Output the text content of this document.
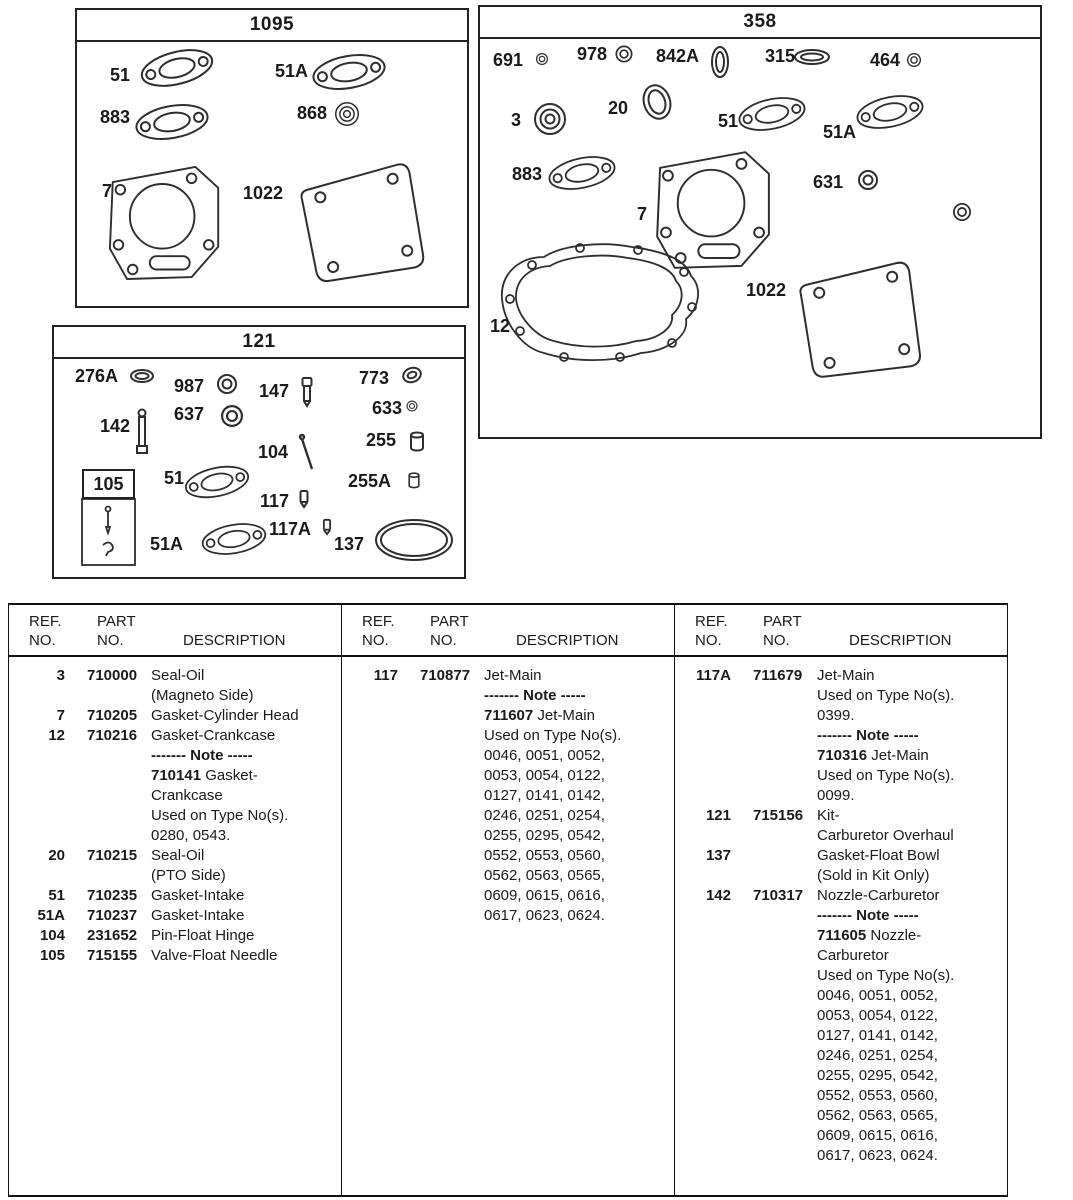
1095
51	51A
883	868
7	1022
358
691	978	842A	315	464
3
20
51
51A
883	631
7
12
1022
121
276A	987	147
773
142
637	633
104
255
105	51	255A
117
117A
51A	137
REF.
NO.
PART
NO.
	DESCRIPTION
3	710000 Seal-Oil
(Magneto Side)
7	710205 Gasket-Cylinder Head
12	710216 Gasket-Crankcase
------- Note -----
710141 Gasket-
Crankcase
Used on Type No(s).
0280, 0543.
20	710215 Seal-Oil
(PTO Side)
51	710235 Gasket-Intake
51A	710237 Gasket-Intake
104	231652 Pin-Float Hinge
105	715155 Valve-Float Needle
REF.
NO.
PART
NO.
	DESCRIPTION
117	710877 Jet-Main
------- Note -----
711607 Jet-Main
Used on Type No(s).
0046, 0051, 0052,
0053, 0054, 0122,
0127, 0141, 0142,
0246, 0251, 0254,
0255, 0295, 0542,
0552, 0553, 0560,
0562, 0563, 0565,
0609, 0615, 0616,
0617, 0623, 0624.
REF.
NO.
PART
NO.
	DESCRIPTION
117A	711679 Jet-Main
Used on Type No(s).
0399.
------- Note -----
710316 Jet-Main
Used on Type No(s).
0099.
121	715156 Kit-
Carburetor Overhaul
137	Gasket-Float Bowl
(Sold in Kit Only)
142	710317 Nozzle-Carburetor
------- Note -----
711605 Nozzle-
Carburetor
Used on Type No(s).
0046, 0051, 0052,
0053, 0054, 0122,
0127, 0141, 0142,
0246, 0251, 0254,
0255, 0295, 0542,
0552, 0553, 0560,
0562, 0563, 0565,
0609, 0615, 0616,
0617, 0623, 0624.
